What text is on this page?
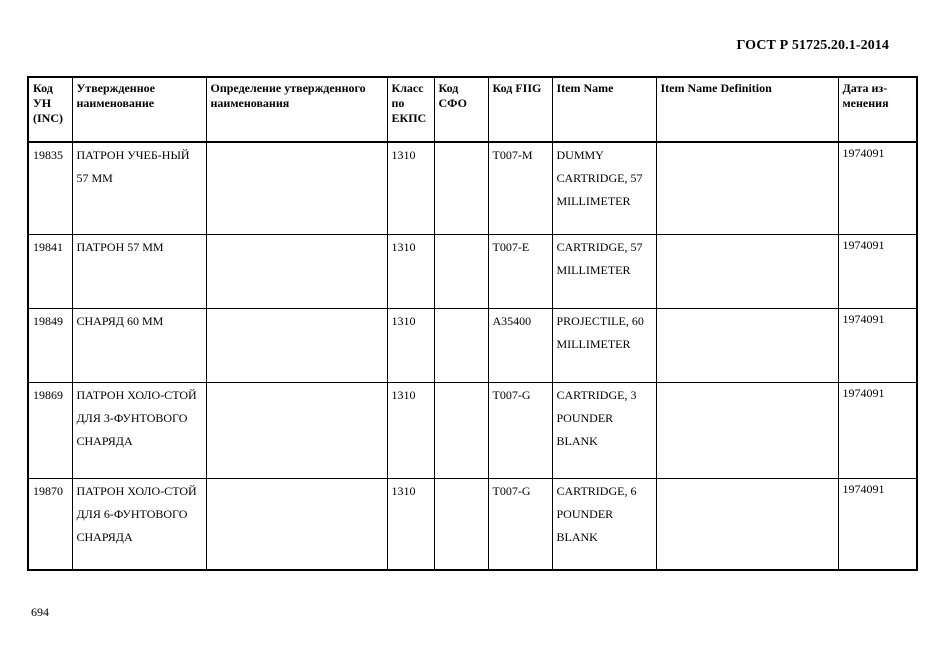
ГОСТ Р 51725.20.1-2014
Код УН (INC)	Утвержденное наименование	Определение утвержденного наименования	Класс по ЕКПС	Код СФО	Код FIIG	Item Name	Item Name Definition	Дата из-менения
19835	ПАТРОН УЧЕБ-НЫЙ 57 ММ		1310		T007-M	DUMMY CARTRIDGE, 57 MILLIMETER		1974091
19841	ПАТРОН 57 ММ		1310		T007-E	CARTRIDGE, 57 MILLIMETER		1974091
19849	СНАРЯД 60 ММ		1310		A35400	PROJECTILE, 60 MILLIMETER		1974091
19869	ПАТРОН ХОЛО-СТОЙ ДЛЯ 3-ФУНТОВОГО СНАРЯДА		1310		T007-G	CARTRIDGE, 3 POUNDER BLANK		1974091
19870	ПАТРОН ХОЛО-СТОЙ ДЛЯ 6-ФУНТОВОГО СНАРЯДА		1310		T007-G	CARTRIDGE, 6 POUNDER BLANK		1974091
694
